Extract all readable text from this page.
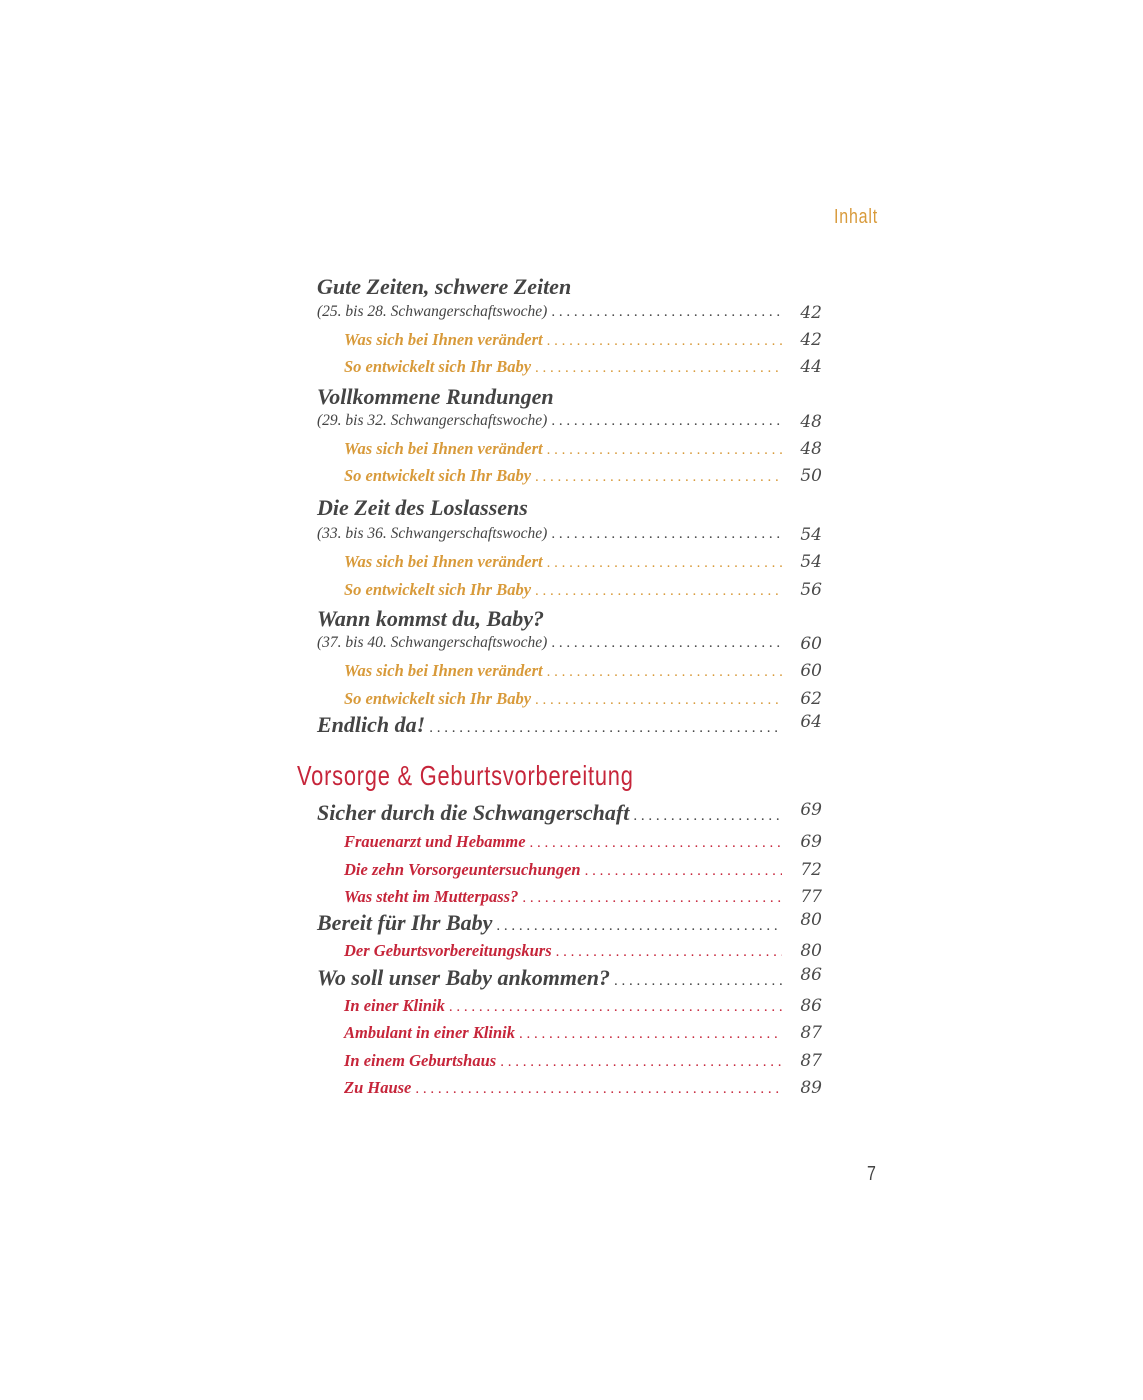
Inhalt
Gute Zeiten, schwere Zeiten
(25. bis 28. Schwangerschaftswoche) . . .	42
Was sich bei Ihnen verändert . . .	42
So entwickelt sich Ihr Baby . . .	44
Vollkommene Rundungen
(29. bis 32. Schwangerschaftswoche) . . .	48
Was sich bei Ihnen verändert . . .	48
So entwickelt sich Ihr Baby . . .	50
Die Zeit des Loslassens
(33. bis 36. Schwangerschaftswoche) . . .	54
Was sich bei Ihnen verändert . . .	54
So entwickelt sich Ihr Baby . . .	56
Wann kommst du, Baby?
(37. bis 40. Schwangerschaftswoche) . . .	60
Was sich bei Ihnen verändert . . .	60
So entwickelt sich Ihr Baby . . .	62
Endlich da! . . .	64
Sicher durch die Schwangerschaft . . .	69
Frauenarzt und Hebamme . . .	69
Die zehn Vorsorgeuntersuchungen . . .	72
Was steht im Mutterpass? . . .	77
Bereit für Ihr Baby . . .	80
Der Geburtsvorbereitungskurs . . .	80
Wo soll unser Baby ankommen? . . .	86
In einer Klinik . . .	86
Ambulant in einer Klinik . . .	87
In einem Geburtshaus . . .	87
Zu Hause . . .	89
Vorsorge & Geburtsvorbereitung
7
